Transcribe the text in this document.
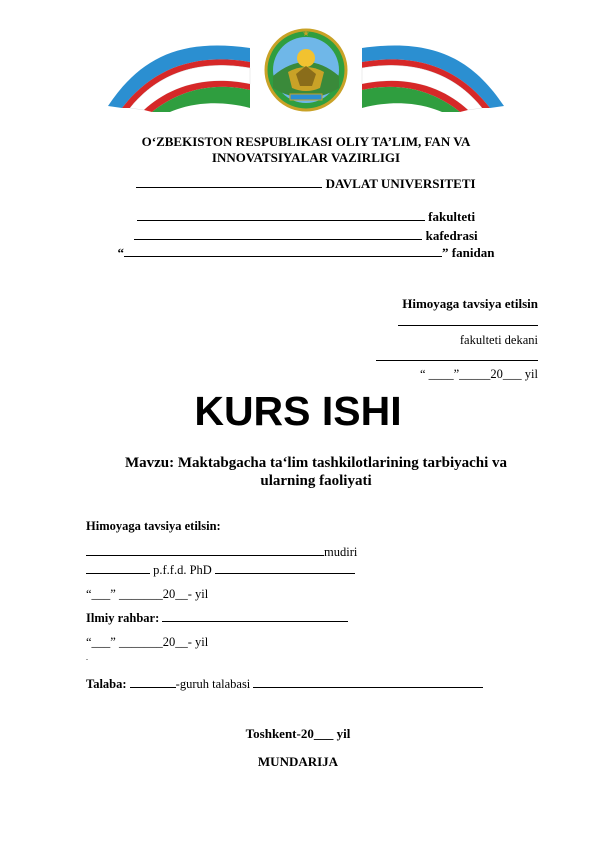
★
O‘ZBEKISTON RESPUBLIKASI OLIY TA’LIM, FAN VA
INNOVATSIYALAR VAZIRLIGI
DAVLAT UNIVERSITETI
fakulteti
kafedrasi
“	” fanidan
Himoyaga tavsiya etilsin
fakulteti dekani
“ ____”_____20___ yil
KURS ISHI
Mavzu: Maktabgacha ta‘lim tashkilotlarining tarbiyachi va
ularning faoliyati
Himoyaga tavsiya etilsin:
mudiri
p.f.f.d. PhD
“___” _______20__- yil
Ilmiy rahbar:
“___” _______20__- yil
.
Talaba:	-guruh talabasi
Toshkent-20___ yil
MUNDARIJA
